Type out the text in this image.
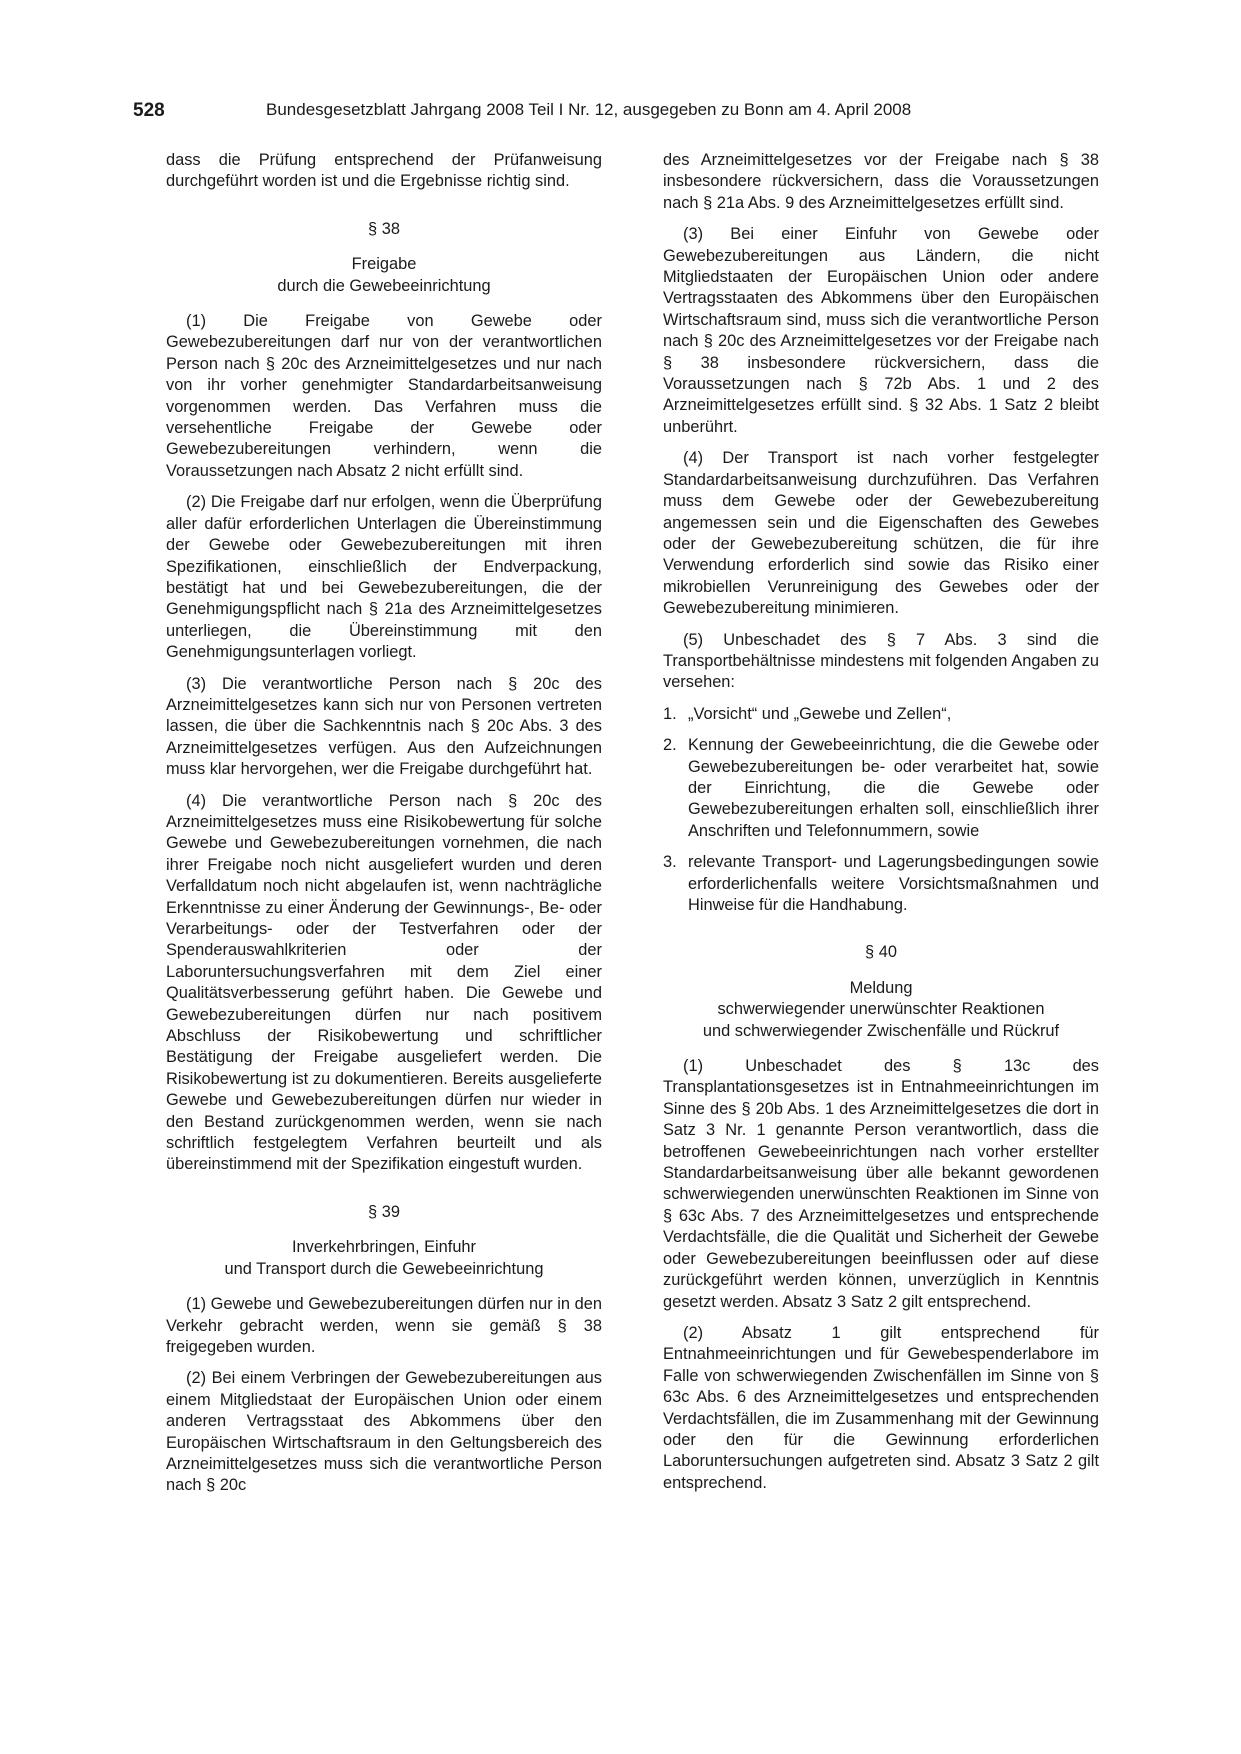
528	Bundesgesetzblatt Jahrgang 2008 Teil I Nr. 12, ausgegeben zu Bonn am 4. April 2008

dass die Prüfung entsprechend der Prüfanweisung durchgeführt worden ist und die Ergebnisse richtig sind.

§ 38
Freigabe
durch die Gewebeeinrichtung

(1) Die Freigabe von Gewebe oder Gewebezubereitungen darf nur von der verantwortlichen Person nach § 20c des Arzneimittelgesetzes und nur nach von ihr vorher genehmigter Standardarbeitsanweisung vorgenommen werden. Das Verfahren muss die versehentliche Freigabe der Gewebe oder Gewebezubereitungen verhindern, wenn die Voraussetzungen nach Absatz 2 nicht erfüllt sind.

(2) Die Freigabe darf nur erfolgen, wenn die Überprüfung aller dafür erforderlichen Unterlagen die Übereinstimmung der Gewebe oder Gewebezubereitungen mit ihren Spezifikationen, einschließlich der Endverpackung, bestätigt hat und bei Gewebezubereitungen, die der Genehmigungspflicht nach § 21a des Arzneimittelgesetzes unterliegen, die Übereinstimmung mit den Genehmigungsunterlagen vorliegt.

(3) Die verantwortliche Person nach § 20c des Arzneimittelgesetzes kann sich nur von Personen vertreten lassen, die über die Sachkenntnis nach § 20c Abs. 3 des Arzneimittelgesetzes verfügen. Aus den Aufzeichnungen muss klar hervorgehen, wer die Freigabe durchgeführt hat.

(4) Die verantwortliche Person nach § 20c des Arzneimittelgesetzes muss eine Risikobewertung für solche Gewebe und Gewebezubereitungen vornehmen, die nach ihrer Freigabe noch nicht ausgeliefert wurden und deren Verfalldatum noch nicht abgelaufen ist, wenn nachträgliche Erkenntnisse zu einer Änderung der Gewinnungs-, Be- oder Verarbeitungs- oder der Testverfahren oder der Spenderauswahlkriterien oder der Laboruntersuchungsverfahren mit dem Ziel einer Qualitätsverbesserung geführt haben. Die Gewebe und Gewebezubereitungen dürfen nur nach positivem Abschluss der Risikobewertung und schriftlicher Bestätigung der Freigabe ausgeliefert werden. Die Risikobewertung ist zu dokumentieren. Bereits ausgelieferte Gewebe und Gewebezubereitungen dürfen nur wieder in den Bestand zurückgenommen werden, wenn sie nach schriftlich festgelegtem Verfahren beurteilt und als übereinstimmend mit der Spezifikation eingestuft wurden.

§ 39
Inverkehrbringen, Einfuhr
und Transport durch die Gewebeeinrichtung

(1) Gewebe und Gewebezubereitungen dürfen nur in den Verkehr gebracht werden, wenn sie gemäß § 38 freigegeben wurden.

(2) Bei einem Verbringen der Gewebezubereitungen aus einem Mitgliedstaat der Europäischen Union oder einem anderen Vertragsstaat des Abkommens über den Europäischen Wirtschaftsraum in den Geltungsbereich des Arzneimittelgesetzes muss sich die verantwortliche Person nach § 20c

des Arzneimittelgesetzes vor der Freigabe nach § 38 insbesondere rückversichern, dass die Voraussetzungen nach § 21a Abs. 9 des Arzneimittelgesetzes erfüllt sind.

(3) Bei einer Einfuhr von Gewebe oder Gewebezubereitungen aus Ländern, die nicht Mitgliedstaaten der Europäischen Union oder andere Vertragsstaaten des Abkommens über den Europäischen Wirtschaftsraum sind, muss sich die verantwortliche Person nach § 20c des Arzneimittelgesetzes vor der Freigabe nach § 38 insbesondere rückversichern, dass die Voraussetzungen nach § 72b Abs. 1 und 2 des Arzneimittelgesetzes erfüllt sind. § 32 Abs. 1 Satz 2 bleibt unberührt.

(4) Der Transport ist nach vorher festgelegter Standardarbeitsanweisung durchzuführen. Das Verfahren muss dem Gewebe oder der Gewebezubereitung angemessen sein und die Eigenschaften des Gewebes oder der Gewebezubereitung schützen, die für ihre Verwendung erforderlich sind sowie das Risiko einer mikrobiellen Verunreinigung des Gewebes oder der Gewebezubereitung minimieren.

(5) Unbeschadet des § 7 Abs. 3 sind die Transportbehältnisse mindestens mit folgenden Angaben zu versehen:

1. „Vorsicht“ und „Gewebe und Zellen“,
2. Kennung der Gewebeeinrichtung, die die Gewebe oder Gewebezubereitungen be- oder verarbeitet hat, sowie der Einrichtung, die die Gewebe oder Gewebezubereitungen erhalten soll, einschließlich ihrer Anschriften und Telefonnummern, sowie
3. relevante Transport- und Lagerungsbedingungen sowie erforderlichenfalls weitere Vorsichtsmaßnahmen und Hinweise für die Handhabung.
§ 40
Meldung
schwerwiegender unerwünschter Reaktionen
und schwerwiegender Zwischenfälle und Rückruf

(1) Unbeschadet des § 13c des Transplantationsgesetzes ist in Entnahmeeinrichtungen im Sinne des § 20b Abs. 1 des Arzneimittelgesetzes die dort in Satz 3 Nr. 1 genannte Person verantwortlich, dass die betroffenen Gewebeeinrichtungen nach vorher erstellter Standardarbeitsanweisung über alle bekannt gewordenen schwerwiegenden unerwünschten Reaktionen im Sinne von § 63c Abs. 7 des Arzneimittelgesetzes und entsprechende Verdachtsfälle, die die Qualität und Sicherheit der Gewebe oder Gewebezubereitungen beeinflussen oder auf diese zurückgeführt werden können, unverzüglich in Kenntnis gesetzt werden. Absatz 3 Satz 2 gilt entsprechend.

(2) Absatz 1 gilt entsprechend für Entnahmeeinrichtungen und für Gewebespenderlabore im Falle von schwerwiegenden Zwischenfällen im Sinne von § 63c Abs. 6 des Arzneimittelgesetzes und entsprechenden Verdachtsfällen, die im Zusammenhang mit der Gewinnung oder den für die Gewinnung erforderlichen Laboruntersuchungen aufgetreten sind. Absatz 3 Satz 2 gilt entsprechend.
